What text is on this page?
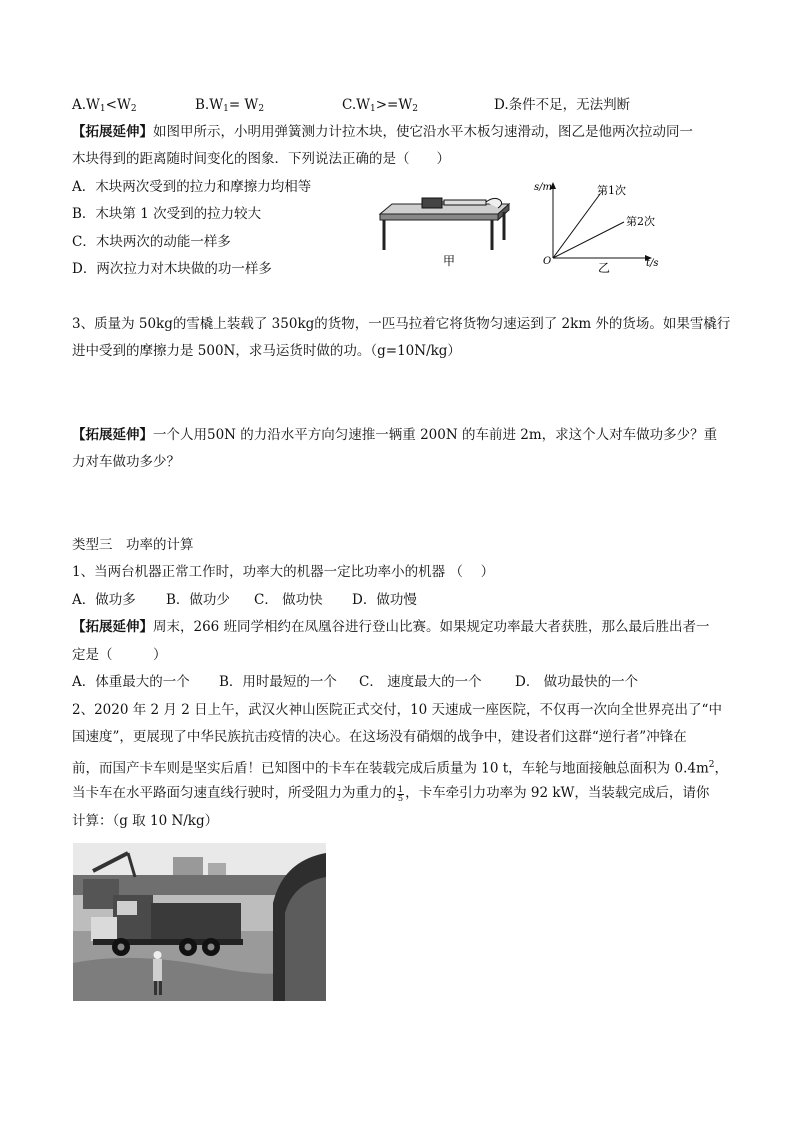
$A.W_1<W_2$	$B.W_1= W_2$	$C.W_1>=W_2$	D.条件不足，无法判断
【拓展延伸】如图甲所示，小明用弹簧测力计拉木块，使它沿水平木板匀速滑动，图乙是他两次拉动同一
木块得到的距离随时间变化的图象．下列说法正确的是（　　）
A．木块两次受到的拉力和摩擦力均相等
B．木块第 1 次受到的拉力较大
C．木块两次的动能一样多
D．两次拉力对木块做的功一样多	甲
s/m
O	t/s
第1次
第2次
乙
3、质量为 50kg的雪橇上装载了 350kg的货物，一匹马拉着它将货物匀速运到了 2km 外的货场。如果雪橇行
进中受到的摩擦力是 500N，求马运货时做的功。（g=10N/kg）
【拓展延伸】一个人用50N 的力沿水平方向匀速推一辆重 200N 的车前进 2m，求这个人对车做功多少？重
力对车做功多少？
类型三　功率的计算
1、当两台机器正常工作时，功率大的机器一定比功率小的机器 （　 ）
A．做功多 B．做功少 C． 做功快 D．做功慢
【拓展延伸】周末，266 班同学相约在凤凰谷进行登山比赛。如果规定功率最大者获胜，那么最后胜出者一
定是（　　　）
A．体重最大的一个 B．用时最短的一个 C． 速度最大的一个 D． 做功最快的一个
2、2020 年 2 月 2 日上午，武汉火神山医院正式交付，10 天速成一座医院，不仅再一次向全世界亮出了“中
国速度”，更展现了中华民族抗击疫情的决心。在这场没有硝烟的战争中，建设者们这群“逆行者”冲锋在
前，而国产卡车则是坚实后盾！已知图中的卡车在装载完成后质量为 10 t，车轮与地面接触总面积为 $0.4m^2$，
当卡车在水平路面匀速直线行驶时，所受阻力为重力的 $\frac{1}{5}$ ，卡车牵引力功率为 92 kW，当装载完成后，请你
计算：（g 取 10 N/kg）
